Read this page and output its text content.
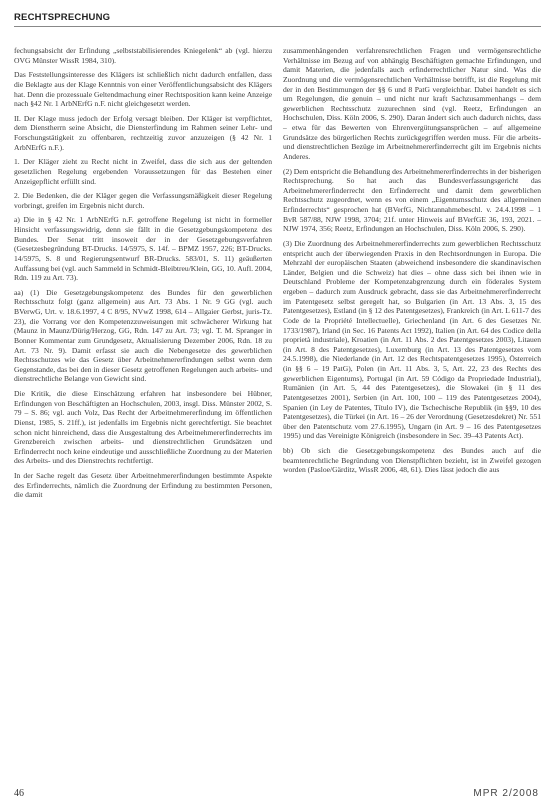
RECHTSPRECHUNG

fechungsabsicht der Erfindung „selbststabilisierendes Kniegelenk“ ab (vgl. hierzu OVG Münster WissR 1984, 310).

Das Feststellungsinteresse des Klägers ist schließlich nicht dadurch entfallen, dass die Beklagte aus der Klage Kenntnis von einer Veröffentlichungsabsicht des Klägers hat. Denn die prozessuale Geltendmachung einer Rechtsposition kann keine Anzeige nach §42 Nr. 1 ArbNErfG n.F. nicht gleichgesetzt werden.

II. Der Klage muss jedoch der Erfolg versagt bleiben. Der Kläger ist verpflichtet, dem Dienstherrn seine Absicht, die Diensterfindung im Rahmen seiner Lehr- und Forschungstätigkeit zu offenbaren, rechtzeitig zuvor anzuzeigen (§ 42 Nr. 1 ArbNErfG n.F.).

1. Der Kläger zieht zu Recht nicht in Zweifel, dass die sich aus der geltenden gesetzlichen Regelung ergebenden Voraussetzungen für das Bestehen einer Anzeigepflicht erfüllt sind.

2. Die Bedenken, die der Kläger gegen die Verfassungsmäßigkeit dieser Regelung vorbringt, greifen im Ergebnis nicht durch.

a) Die in § 42 Nr. 1 ArbNErfG n.F. getroffene Regelung ist nicht in formeller Hinsicht verfassungswidrig, denn sie fällt in die Gesetzgebungskompetenz des Bundes. Der Senat tritt insoweit der in der Gesetzgebungsverfahren (Gesetzesbegründung BT-Drucks. 14/5975, S. 14f. – BPMZ 1957, 226; BT-Drucks. 14/5975, S. 8 und Regierungsentwurf BR-Drucks. 583/01, S. 11) geäußerten Auffassung bei (vgl. auch Sammeld in Schmidt-Bleibtreu/Klein, GG, 10. Aufl. 2004, Rdn. 119 zu Art. 73).

aa) (1) Die Gesetzgebungskompetenz des Bundes für den gewerblichen Rechtsschutz folgt (ganz allgemein) aus Art. 73 Abs. 1 Nr. 9 GG (vgl. auch BVerwG, Urt. v. 18.6.1997, 4 C 8/95, NVwZ 1998, 614 – Allgaier Gerbst, juris-Tz. 23), die Vorrang vor den Kompetenzzuweisungen mit schwächerer Wirkung hat (Maunz in Maunz/Dürig/Herzog, GG, Rdn. 147 zu Art. 73; vgl. T. M. Spranger in Bonner Kommentar zum Grundgesetz, Aktualisierung Dezember 2006, Rdn. 18 zu Art. 73 Nr. 9). Damit erfasst sie auch die Nebengesetze des gewerblichen Rechtsschutzes wie das Gesetz über Arbeitnehmererfindungen selbst wenn dem Gegenstande, das bei den in dieser Gesetz getroffenen Regelungen auch arbeits- und dienstrechtliche Belange von Gewicht sind.

Die Kritik, die diese Einschätzung erfahren hat insbesondere bei Hübner, Erfindungen von Beschäftigten an Hochschulen, 2003, insgl. Diss. Münster 2002, S. 79 – S. 86; vgl. auch Volz, Das Recht der Arbeitnehmererfindung im öffentlichen Dienst, 1985, S. 21ff.), ist jedenfalls im Ergebnis nicht gerechtfertigt. Sie beachtet schon nicht hinreichend, dass die Ausgestaltung des Arbeitnehmererfinderrechts im Grenzbereich zwischen arbeits- und dienstrechtlichen Grundsätzen und Erfinderrecht noch keine eindeutige und ausschließliche Zuordnung zu der Materien des Arbeits- und des Dienstrechts rechtfertigt.

In der Sache regelt das Gesetz über Arbeitnehmererfindungen bestimmte Aspekte des Erfinderrechts, nämlich die Zuordnung der Erfindung zu bestimmten Personen, die damit

zusammenhängenden verfahrensrechtlichen Fragen und vermögensrechtliche Verhältnisse im Bezug auf von abhängig Beschäftigten gemachte Erfindungen, und damit Materien, die jedenfalls auch erfinderrechtlicher Natur sind. Was die Zuordnung und die vermögensrechtlichen Verhältnisse betrifft, ist die Regelung mit der in den Bestimmungen der §§ 6 und 8 PatG vergleichbar. Dabei handelt es sich um Regelungen, die genuin – und nicht nur kraft Sachzusammenhangs – dem gewerblichen Rechtsschutz zuzurechnen sind (vgl. Reetz, Erfindungen an Hochschulen, Diss. Köln 2006, S. 290). Daran ändert sich auch dadurch nichts, dass – etwa für das Bewerten von Ehrenvergütungsansprüchen – auf allgemeine Grundsätze des bürgerlichen Rechts zurückgegriffen werden muss. Für die arbeits- und dienstrechtlichen Bezüge im Arbeitnehmererfinderrecht gilt im Ergebnis nichts Anderes.

(2) Dem entspricht die Behandlung des Arbeitnehmererfinderrechts in der bisherigen Rechtsprechung. So hat auch das Bundesverfassungsgericht das Arbeitnehmererfinderrecht den Erfinderrecht und damit dem gewerblichen Rechtsschutz zugeordnet, wenn es von einem „Eigentumsschutz des allgemeinen Erfinderrechts“ gesprochen hat (BVerfG, Nichtannahmebeschl. v. 24.4.1998 – 1 BvR 587/88, NJW 1998, 3704; 21f. unter Hinweis auf BVerfGE 36, 193, 2021. – NJW 1974, 356; Reetz, Erfindungen an Hochschulen, Diss. Köln 2006, S. 290).

(3) Die Zuordnung des Arbeitnehmererfinderrechts zum gewerblichen Rechtsschutz entspricht auch der überwiegenden Praxis in den Rechtsordnungen in Europa. Die Mehrzahl der europäischen Staaten (abweichend insbesondere die skandinavischen Länder, Belgien und die Schweiz) hat dies – ohne dass sich bei ihnen wie in Deutschland Probleme der Kompetenzabgrenzung durch ein föderales System ergeben – dadurch zum Ausdruck gebracht, dass sie das Arbeitnehmererfinderrecht im Patentgesetz selbst geregelt hat, so Bulgarien (in Art. 13 Abs. 3, 15 des Patentgesetzes), Estland (in § 12 des Patentgesetzes), Frankreich (in Art. L 611-7 des Code de la Propriété Intellectuelle), Griechenland (in Art. 6 des Gesetzes Nr. 1733/1987), Irland (in Sec. 16 Patents Act 1992), Italien (in Art. 64 des Codice della proprietà industriale), Kroatien (in Art. 11 Abs. 2 des Patentgesetzes 2003), Litauen (in Art. 8 des Patentgesetzes), Luxemburg (in Art. 13 des Patentgesetzes vom 24.5.1998), die Niederlande (in Art. 12 des Rechtspatentgesetzes 1995), Österreich (in §§ 6 – 19 PatG), Polen (in Art. 11 Abs. 3, 5, Art. 22, 23 des Rechts des gewerblichen Eigentums), Portugal (in Art. 59 Código da Propriedade Industrial), Rumänien (in Art. 5, 44 des Patentgesetzes), die Slowakei (in § 11 des Patentgesetzes 2001), Serbien (in Art. 100, 100 – 119 des Patentgesetzes 2004), Spanien (in Ley de Patentes, Título IV), die Tschechische Republik (in §§9, 10 des Patentgesetzes), die Türkei (in Art. 16 – 26 der Verordnung (Gesetzesdekret) Nr. 551 über den Patentschutz vom 27.6.1995), Ungarn (in Art. 9 – 16 des Patentgesetzes 1995) und das Vereinigte Königreich (insbesondere in Sec. 39–43 Patents Act).

bb) Ob sich die Gesetzgebungskompetenz des Bundes auch auf die beamtenrechtliche Begründung von Dienstpflichten bezieht, ist in Zweifel gezogen worden (Pasloe/Gärditz, WissR 2006, 48, 61). Dies lässt jedoch die aus

46	MPR 2/2008
